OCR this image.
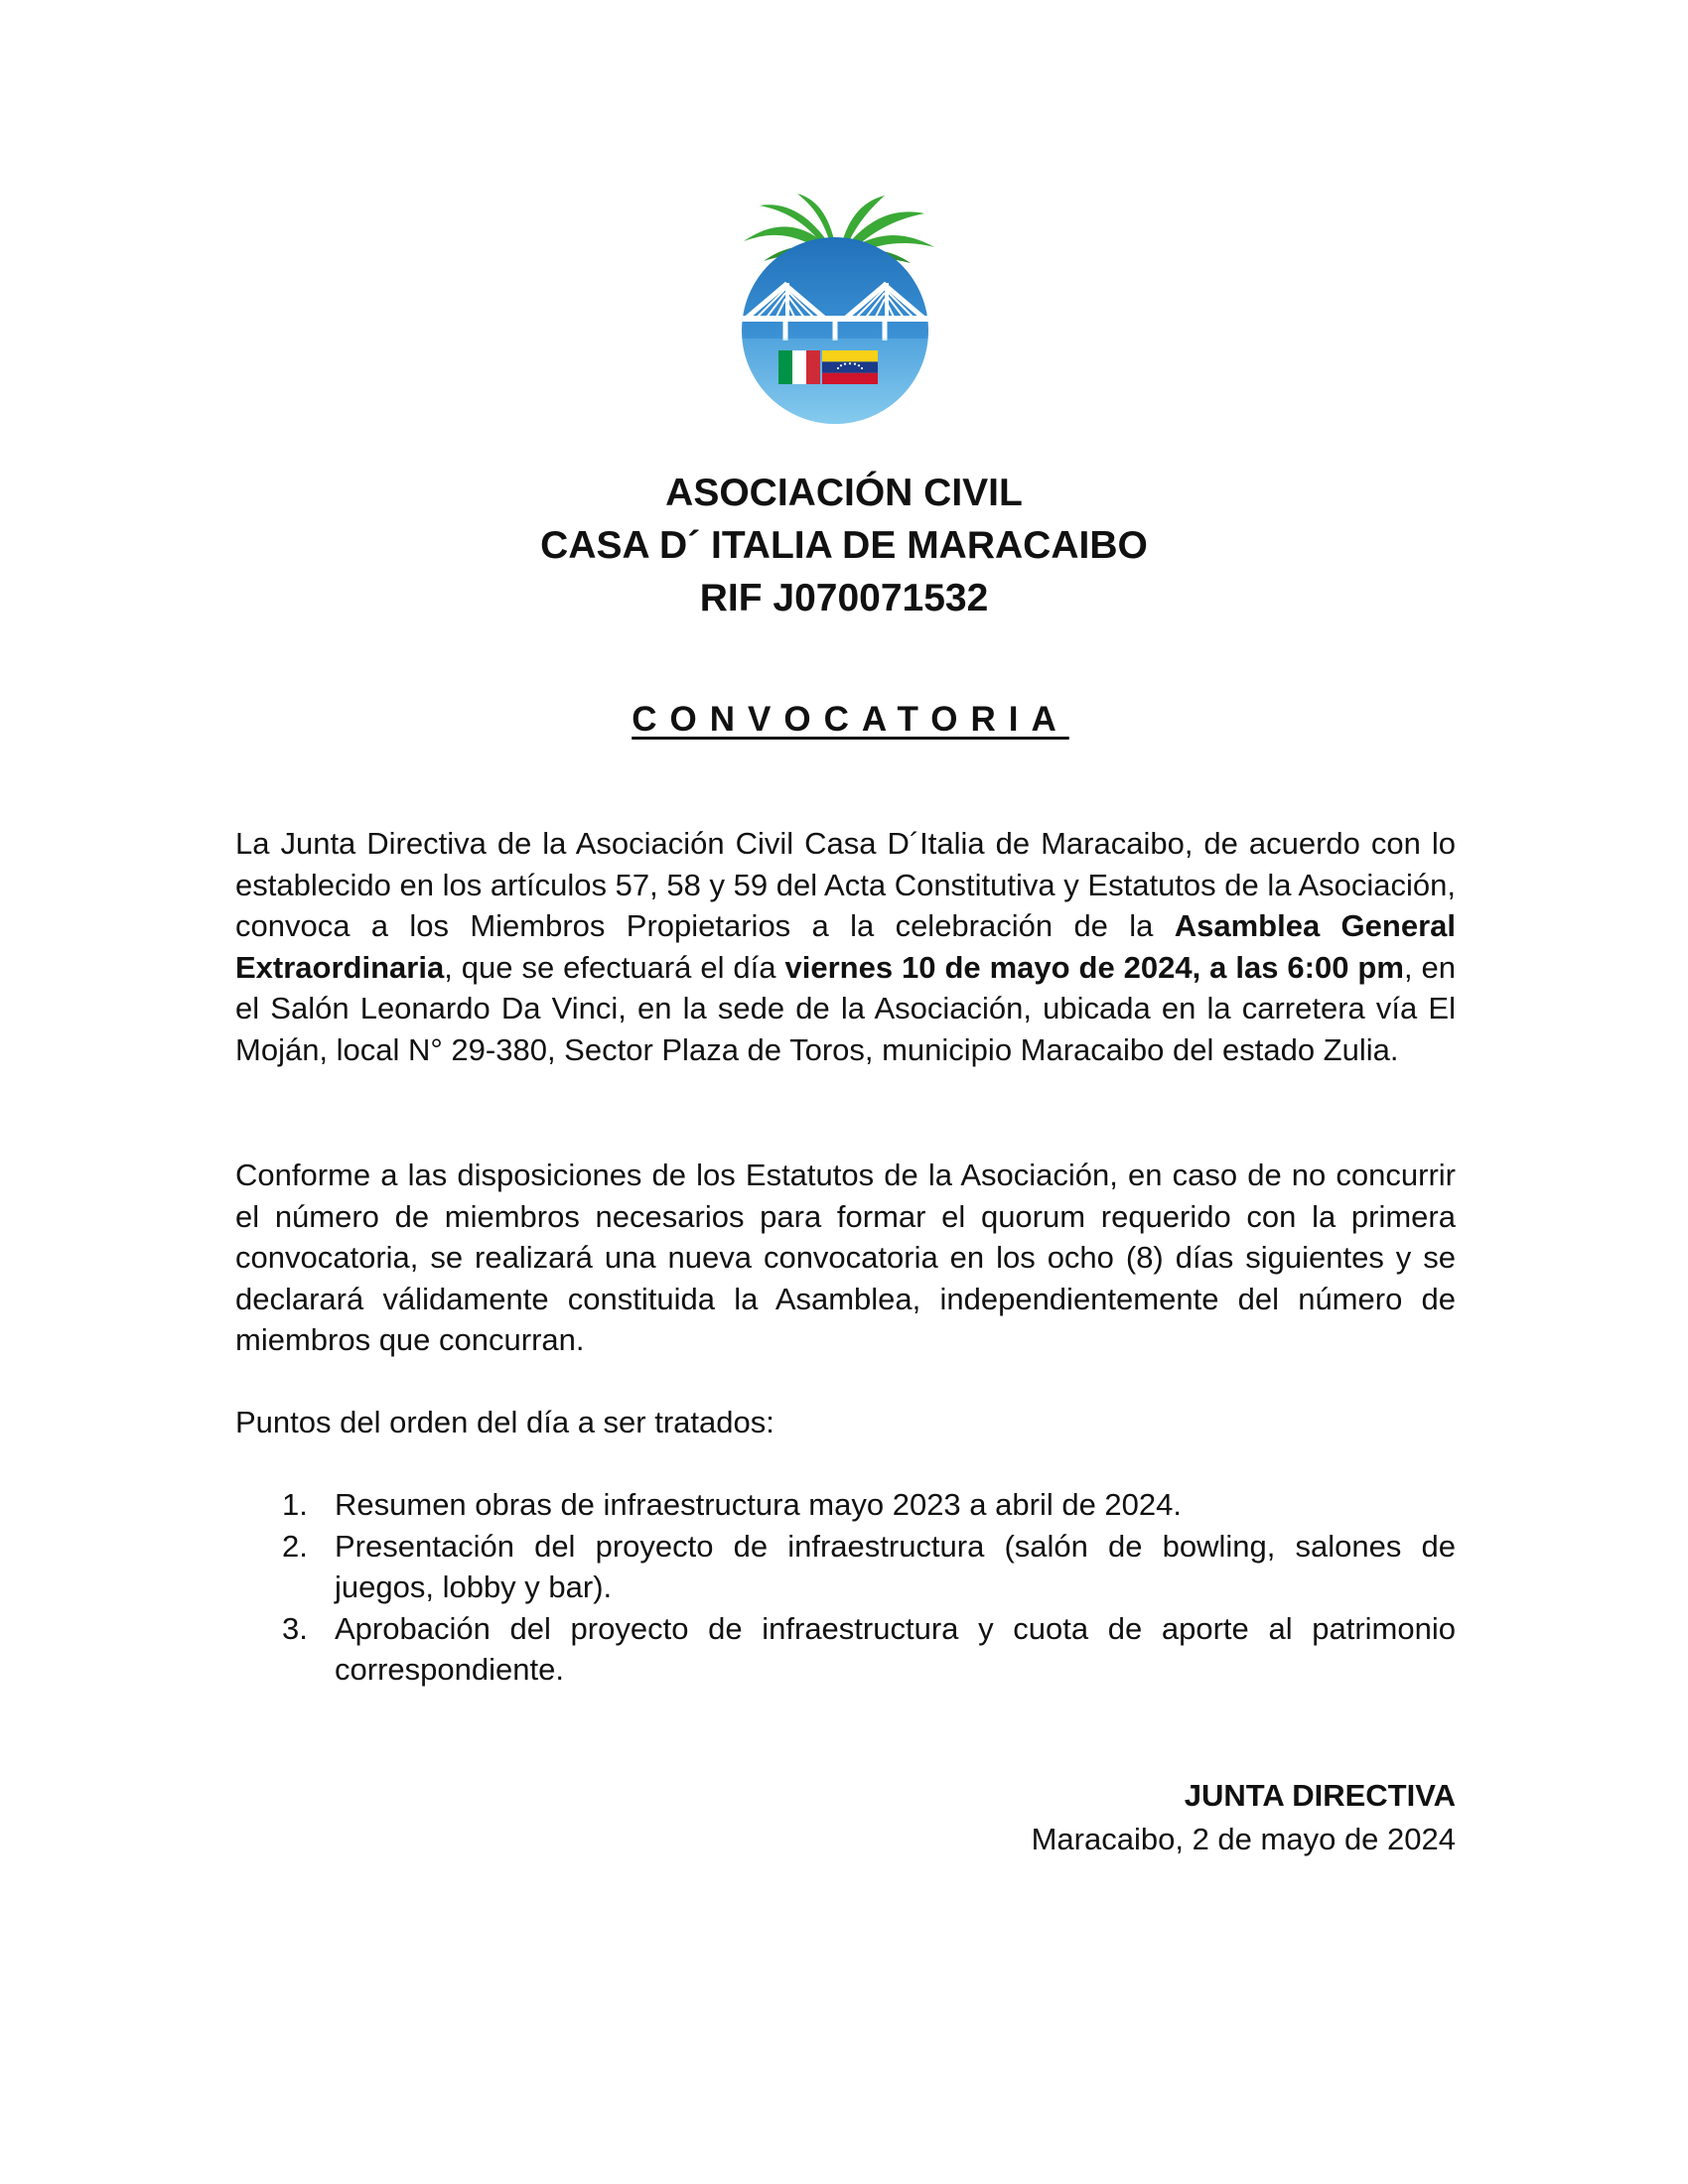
ASOCIACIÓN CIVIL
CASA D´ ITALIA DE MARACAIBO
RIF J070071532
CONVOCATORIA

La Junta Directiva de la Asociación Civil Casa D´Italia de Maracaibo, de acuerdo con lo establecido en los artículos 57, 58 y 59 del Acta Constitutiva y Estatutos de la Asociación, convoca a los Miembros Propietarios a la celebración de la Asamblea General Extraordinaria, que se efectuará el día viernes 10 de mayo de 2024, a las 6:00 pm, en el Salón Leonardo Da Vinci, en la sede de la Asociación, ubicada en la carretera vía El Moján, local N° 29-380, Sector Plaza de Toros, municipio Maracaibo del estado Zulia.

Conforme a las disposiciones de los Estatutos de la Asociación, en caso de no concurrir el número de miembros necesarios para formar el quorum requerido con la primera convocatoria, se realizará una nueva convocatoria en los ocho (8) días siguientes y se declarará válidamente constituida la Asamblea, independientemente del número de miembros que concurran.

Puntos del orden del día a ser tratados:

1. Resumen obras de infraestructura mayo 2023 a abril de 2024.
2. Presentación del proyecto de infraestructura (salón de bowling, salones de juegos, lobby y bar).
3. Aprobación del proyecto de infraestructura y cuota de aporte al patrimonio correspondiente.
JUNTA DIRECTIVA
Maracaibo, 2 de mayo de 2024
